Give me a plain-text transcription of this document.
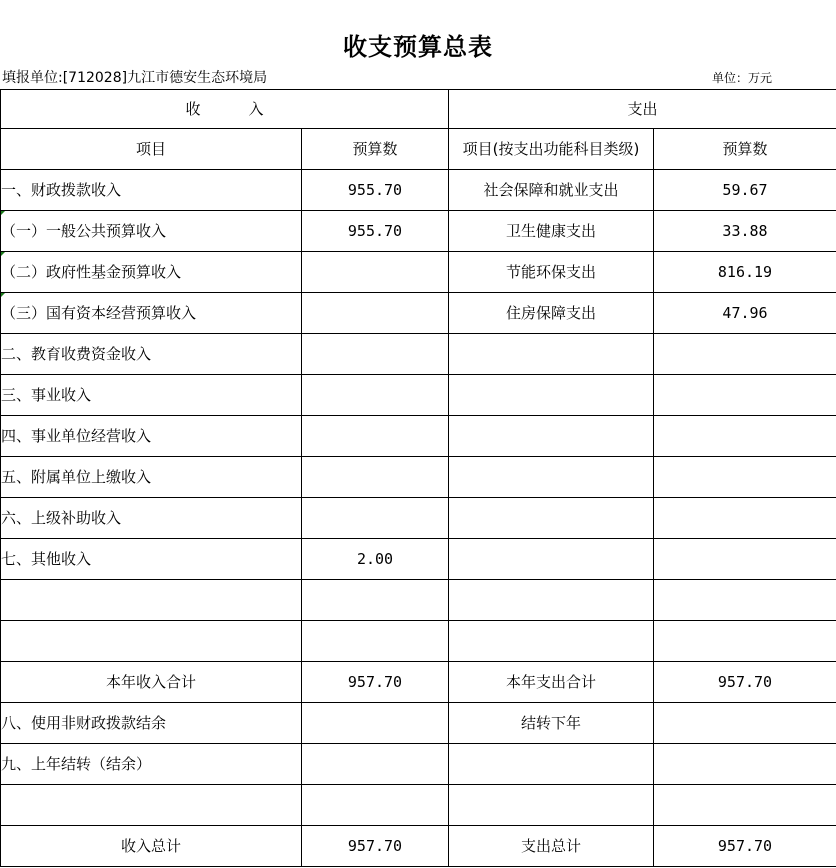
收支预算总表
填报单位:[712028]九江市德安生态环境局	单位：万元
收 入		支出	
项目	预算数	项目(按支出功能科目类级)	预算数
一、财政拨款收入	955.70	社会保障和就业支出	59.67
（一）一般公共预算收入	955.70	卫生健康支出	33.88
（二）政府性基金预算收入		节能环保支出	816.19
（三）国有资本经营预算收入		住房保障支出	47.96
二、教育收费资金收入			
三、事业收入			
四、事业单位经营收入			
五、附属单位上缴收入			
六、上级补助收入			
七、其他收入	2.00		

本年收入合计	957.70	本年支出合计	957.70
八、使用非财政拨款结余		结转下年	
九、上年结转（结余）			

收入总计	957.70	支出总计	957.70
